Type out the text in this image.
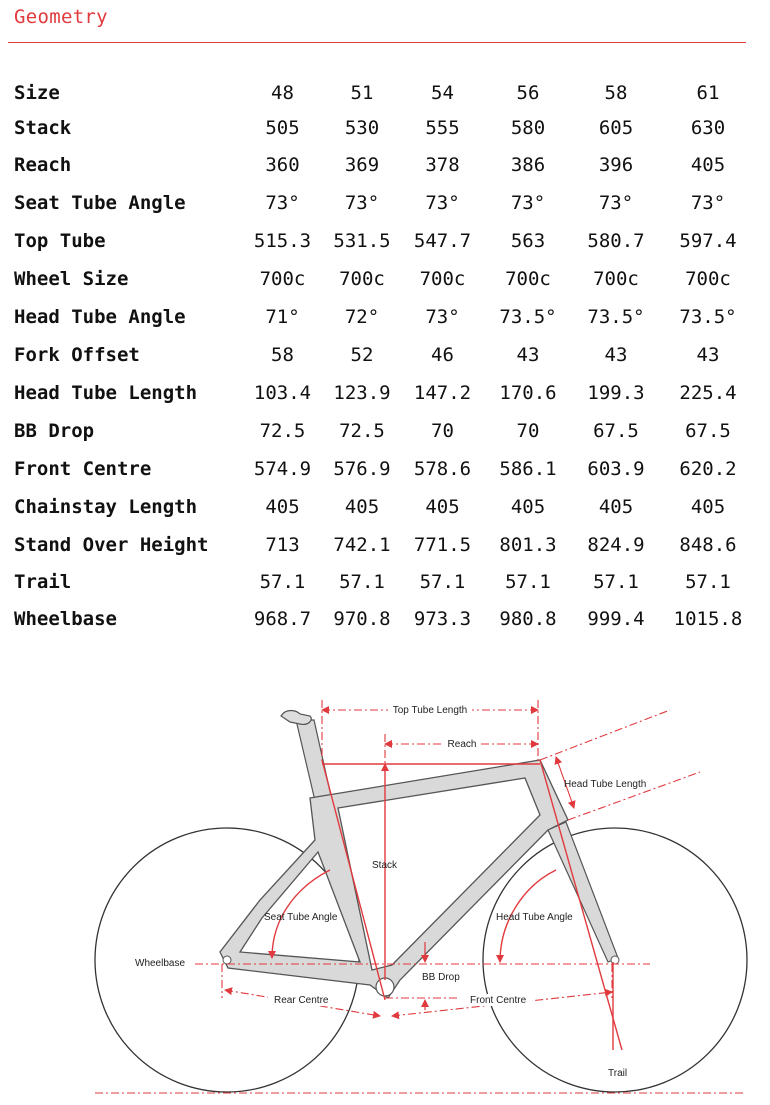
Geometry
Size	48	51	54	56	58	61
Stack	505	530	555	580	605	630
Reach	360	369	378	386	396	405
Seat Tube Angle	73°	73°	73°	73°	73°	73°
Top Tube	515.3	531.5	547.7	563	580.7	597.4
Wheel Size	700c	700c	700c	700c	700c	700c
Head Tube Angle	71°	72°	73°	73.5°	73.5°	73.5°
Fork Offset	58	52	46	43	43	43
Head Tube Length	103.4	123.9	147.2	170.6	199.3	225.4
BB Drop	72.5	72.5	70	70	67.5	67.5
Front Centre	574.9	576.9	578.6	586.1	603.9	620.2
Chainstay Length	405	405	405	405	405	405
Stand Over Height	713	742.1	771.5	801.3	824.9	848.6
Trail	57.1	57.1	57.1	57.1	57.1	57.1
Wheelbase	968.7	970.8	973.3	980.8	999.4	1015.8
Top Tube Length
Reach
Head Tube Length
Stack
Seat Tube Angle	Head Tube Angle
Wheelbase
BB Drop
Rear Centre	Front Centre
Trail
